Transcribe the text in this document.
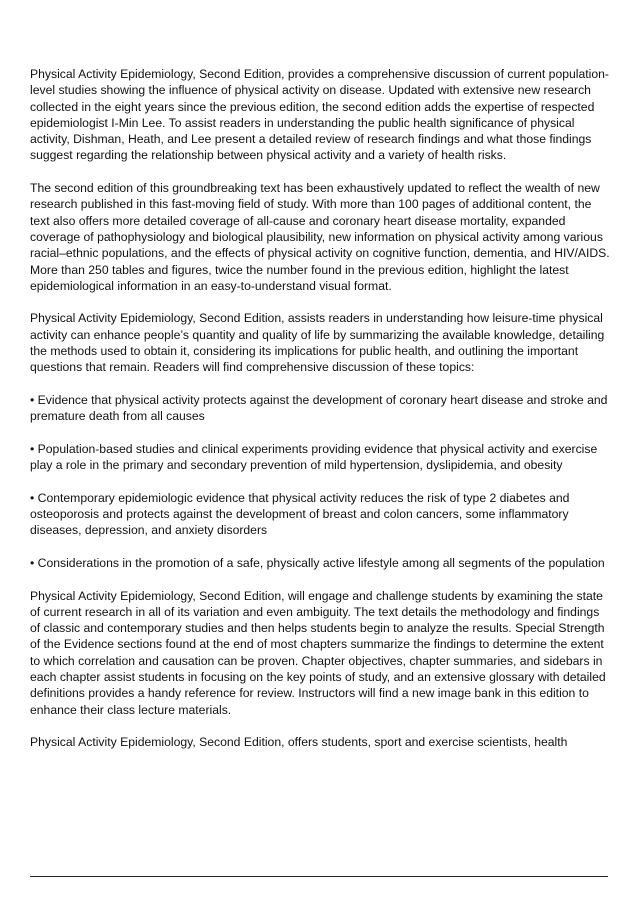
Physical Activity Epidemiology, Second Edition, provides a comprehensive discussion of current population-level studies showing the influence of physical activity on disease. Updated with extensive new research collected in the eight years since the previous edition, the second edition adds the expertise of respected epidemiologist I-Min Lee. To assist readers in understanding the public health significance of physical activity, Dishman, Heath, and Lee present a detailed review of research findings and what those findings suggest regarding the relationship between physical activity and a variety of health risks.

The second edition of this groundbreaking text has been exhaustively updated to reflect the wealth of new research published in this fast-moving field of study. With more than 100 pages of additional content, the text also offers more detailed coverage of all-cause and coronary heart disease mortality, expanded coverage of pathophysiology and biological plausibility, new information on physical activity among various racial–ethnic populations, and the effects of physical activity on cognitive function, dementia, and HIV/AIDS. More than 250 tables and figures, twice the number found in the previous edition, highlight the latest epidemiological information in an easy-to-understand visual format.

Physical Activity Epidemiology, Second Edition, assists readers in understanding how leisure-time physical activity can enhance people’s quantity and quality of life by summarizing the available knowledge, detailing the methods used to obtain it, considering its implications for public health, and outlining the important questions that remain. Readers will find comprehensive discussion of these topics:

• Evidence that physical activity protects against the development of coronary heart disease and stroke and premature death from all causes

• Population-based studies and clinical experiments providing evidence that physical activity and exercise play a role in the primary and secondary prevention of mild hypertension, dyslipidemia, and obesity

• Contemporary epidemiologic evidence that physical activity reduces the risk of type 2 diabetes and osteoporosis and protects against the development of breast and colon cancers, some inflammatory diseases, depression, and anxiety disorders

• Considerations in the promotion of a safe, physically active lifestyle among all segments of the population

Physical Activity Epidemiology, Second Edition, will engage and challenge students by examining the state of current research in all of its variation and even ambiguity. The text details the methodology and findings of classic and contemporary studies and then helps students begin to analyze the results. Special Strength of the Evidence sections found at the end of most chapters summarize the findings to determine the extent to which correlation and causation can be proven. Chapter objectives, chapter summaries, and sidebars in each chapter assist students in focusing on the key points of study, and an extensive glossary with detailed definitions provides a handy reference for review. Instructors will find a new image bank in this edition to enhance their class lecture materials.

Physical Activity Epidemiology, Second Edition, offers students, sport and exercise scientists, health
